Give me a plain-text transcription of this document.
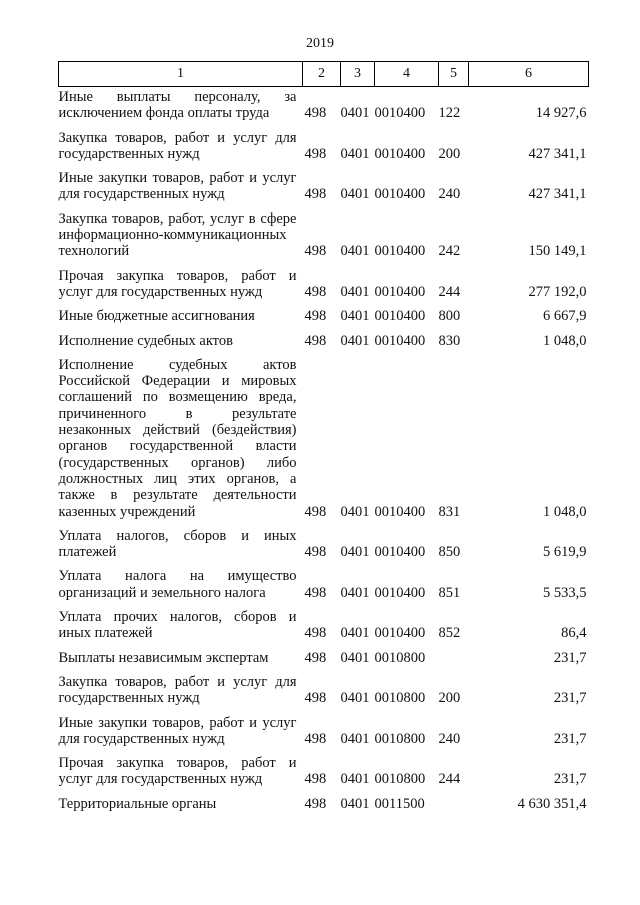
2019
1	2	3	4	5	6

Иные выплаты персоналу, за исключением фонда оплаты труда	498	0401	0010400	122	14 927,6

Закупка товаров, работ и услуг для государственных нужд	498	0401	0010400	200	427 341,1

Иные закупки товаров, работ и услуг для государственных нужд	498	0401	0010400	240	427 341,1

Закупка товаров, работ, услуг в сфере информационно-коммуникационных технологий	498	0401	0010400	242	150 149,1

Прочая закупка товаров, работ и услуг для государственных нужд	498	0401	0010400	244	277 192,0

Иные бюджетные ассигнования	498	0401	0010400	800	6 667,9

Исполнение судебных актов	498	0401	0010400	830	1 048,0

Исполнение судебных актов Российской Федерации и мировых соглашений по возмещению вреда, причиненного в результате незаконных действий (бездействия) органов государственной власти (государственных органов) либо должностных лиц этих органов, а также в результате деятельности казенных учреждений	498	0401	0010400	831	1 048,0

Уплата налогов, сборов и иных платежей	498	0401	0010400	850	5 619,9

Уплата налога на имущество организаций и земельного налога	498	0401	0010400	851	5 533,5

Уплата прочих налогов, сборов и иных платежей	498	0401	0010400	852	86,4

Выплаты независимым экспертам	498	0401	0010800		231,7

Закупка товаров, работ и услуг для государственных нужд	498	0401	0010800	200	231,7

Иные закупки товаров, работ и услуг для государственных нужд	498	0401	0010800	240	231,7

Прочая закупка товаров, работ и услуг для государственных нужд	498	0401	0010800	244	231,7

Территориальные органы	498	0401	0011500		4 630 351,4
